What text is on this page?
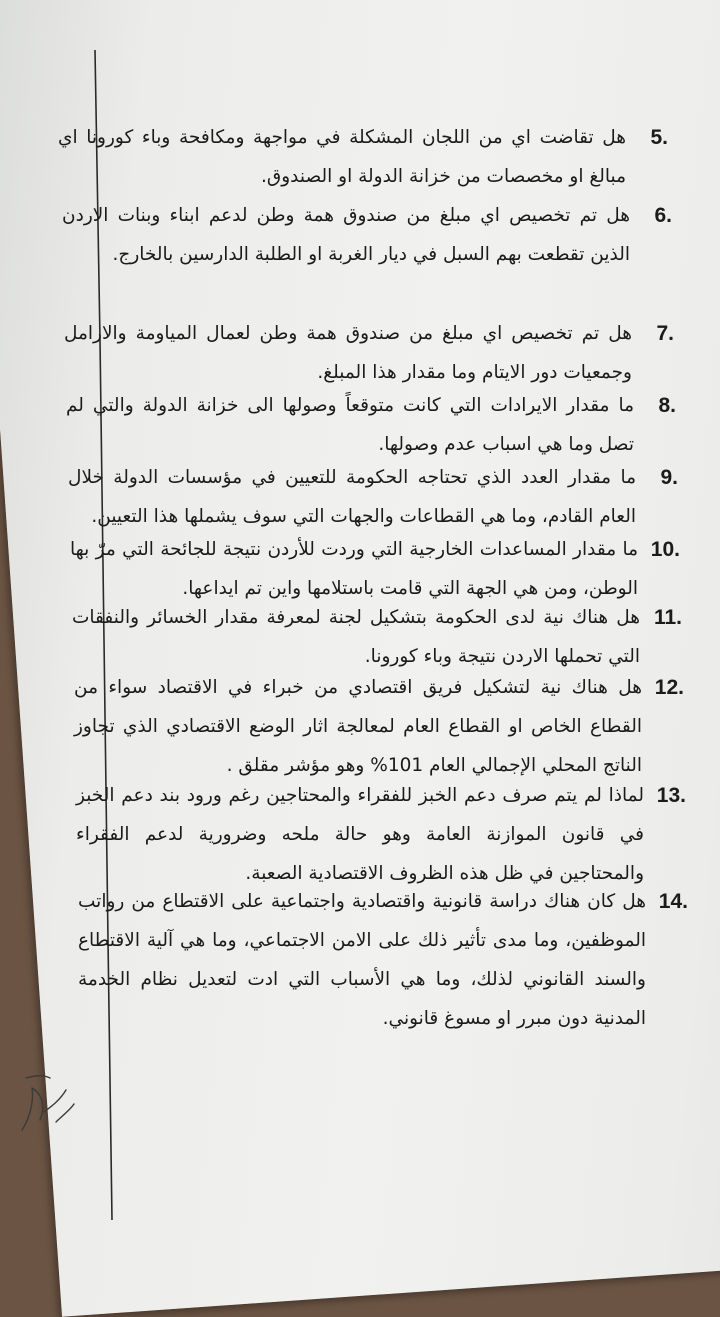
5.
هل تقاضت اي من اللجان المشكلة في مواجهة ومكافحة وباء كورونا اي مبالغ او مخصصات من خزانة الدولة او الصندوق.
6.
هل تم تخصيص اي مبلغ من صندوق همة وطن لدعم ابناء وبنات الاردن الذين تقطعت بهم السبل في ديار الغربة او الطلبة الدارسين بالخارج.
7.
هل تم تخصيص اي مبلغ من صندوق همة وطن لعمال المياومة والارامل وجمعيات دور الايتام وما مقدار هذا المبلغ.
8.
ما مقدار الايرادات التي كانت متوقعاً وصولها الى خزانة الدولة والتي لم تصل وما هي اسباب عدم وصولها.
9.
ما مقدار العدد الذي تحتاجه الحكومة للتعيين في مؤسسات الدولة خلال العام القادم، وما هي القطاعات والجهات التي سوف يشملها هذا التعيين.
10.
ما مقدار المساعدات الخارجية التي وردت للأردن نتيجة للجائحة التي مرّ بها الوطن، ومن هي الجهة التي قامت باستلامها واين تم ايداعها.
11.
هل هناك نية لدى الحكومة بتشكيل لجنة لمعرفة مقدار الخسائر والنفقات التي تحملها الاردن نتيجة وباء كورونا.
12.
هل هناك نية لتشكيل فريق اقتصادي من خبراء في الاقتصاد سواء من القطاع الخاص او القطاع العام لمعالجة اثار الوضع الاقتصادي الذي تجاوز الناتج المحلي الإجمالي العام 101% وهو مؤشر مقلق .
13.
لماذا لم يتم صرف دعم الخبز للفقراء والمحتاجين رغم ورود بند دعم الخبز في قانون الموازنة العامة وهو حالة ملحه وضرورية لدعم الفقراء والمحتاجين في ظل هذه الظروف الاقتصادية الصعبة.
14.
هل كان هناك دراسة قانونية واقتصادية واجتماعية على الاقتطاع من رواتب الموظفين، وما مدى تأثير ذلك على الامن الاجتماعي، وما هي آلية الاقتطاع والسند القانوني لذلك، وما هي الأسباب التي ادت لتعديل نظام الخدمة المدنية دون مبرر او مسوغ قانوني.
